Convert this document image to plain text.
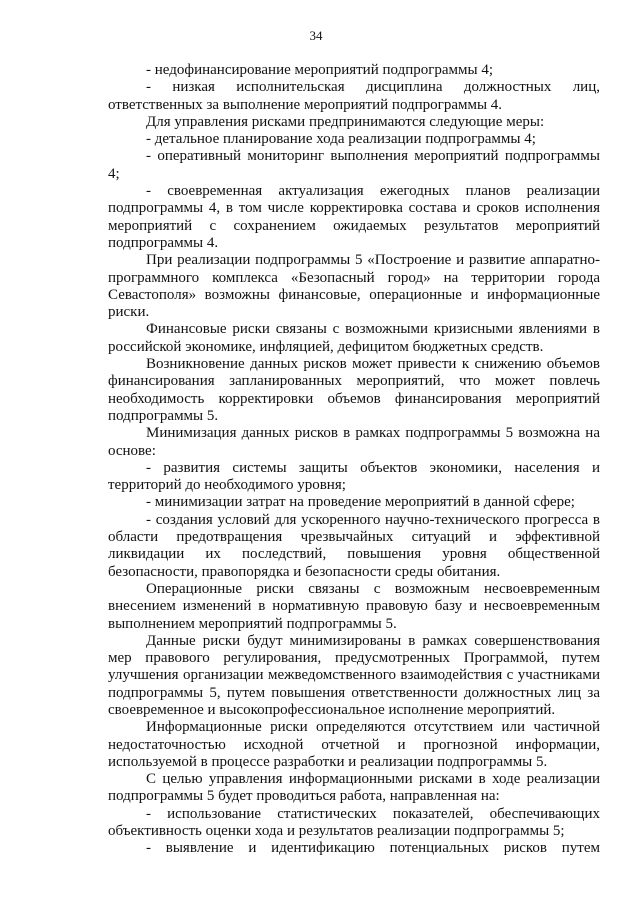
34

- недофинансирование мероприятий подпрограммы 4;

- низкая исполнительская дисциплина должностных лиц, ответственных за выполнение мероприятий подпрограммы 4.

Для управления рисками предпринимаются следующие меры:

- детальное планирование хода реализации подпрограммы 4;

- оперативный мониторинг выполнения мероприятий подпрограммы 4;

- своевременная актуализация ежегодных планов реализации подпрограммы 4, в том числе корректировка состава и сроков исполнения мероприятий с сохранением ожидаемых результатов мероприятий подпрограммы 4.

При реализации подпрограммы 5 «Построение и развитие аппаратно-программного комплекса «Безопасный город» на территории города Севастополя» возможны финансовые, операционные и информационные риски.

Финансовые риски связаны с возможными кризисными явлениями в российской экономике, инфляцией, дефицитом бюджетных средств.

Возникновение данных рисков может привести к снижению объемов финансирования запланированных мероприятий, что может повлечь необходимость корректировки объемов финансирования мероприятий подпрограммы 5.

Минимизация данных рисков в рамках подпрограммы 5 возможна на основе:

- развития системы защиты объектов экономики, населения и территорий до необходимого уровня;

- минимизации затрат на проведение мероприятий в данной сфере;

- создания условий для ускоренного научно-технического прогресса в области предотвращения чрезвычайных ситуаций и эффективной ликвидации их последствий, повышения уровня общественной безопасности, правопорядка и безопасности среды обитания.

Операционные риски связаны с возможным несвоевременным внесением изменений в нормативную правовую базу и несвоевременным выполнением мероприятий подпрограммы 5.

Данные риски будут минимизированы в рамках совершенствования мер правового регулирования, предусмотренных Программой, путем улучшения организации межведомственного взаимодействия с участниками подпрограммы 5, путем повышения ответственности должностных лиц за своевременное и высокопрофессиональное исполнение мероприятий.

Информационные риски определяются отсутствием или частичной недостаточностью исходной отчетной и прогнозной информации, используемой в процессе разработки и реализации подпрограммы 5.

С целью управления информационными рисками в ходе реализации подпрограммы 5 будет проводиться работа, направленная на:

- использование статистических показателей, обеспечивающих объективность оценки хода и результатов реализации подпрограммы 5;

- выявление и идентификацию потенциальных рисков путем
